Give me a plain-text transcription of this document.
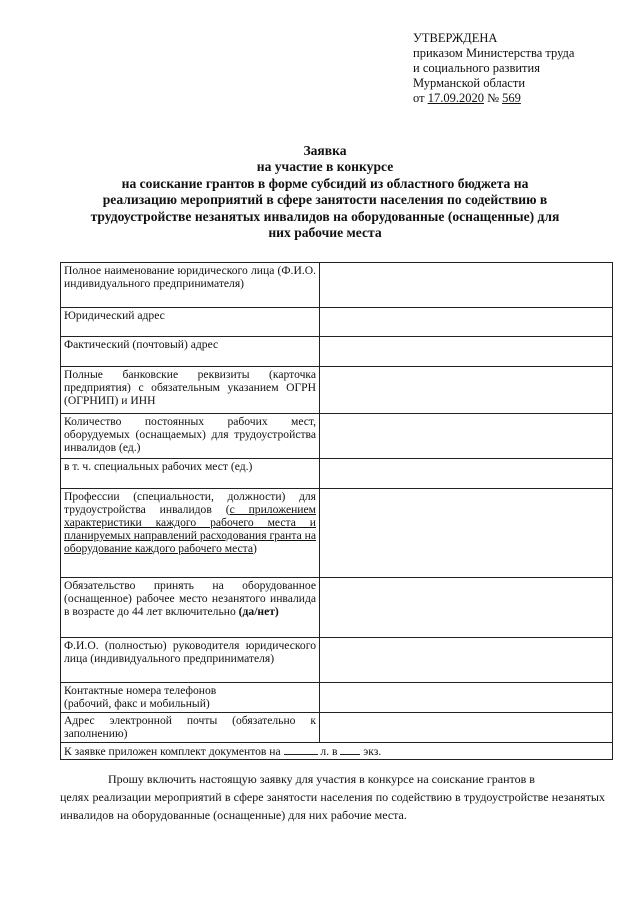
УТВЕРЖДЕНА
приказом Министерства труда
и социального развития
Мурманской области
от 17.09.2020 № 569
Заявка
на участие в конкурсе
на соискание грантов в форме субсидий из областного бюджета на
реализацию мероприятий в сфере занятости населения по содействию в
трудоустройстве незанятых инвалидов на оборудованные (оснащенные) для
них рабочие места
Полное наименование юридического лица (Ф.И.О. индивидуального предпринимателя)	
Юридический адрес	
Фактический (почтовый) адрес	
Полные банковские реквизиты (карточка предприятия) с обязательным указанием ОГРН (ОГРНИП) и ИНН	
Количество постоянных рабочих мест, оборудуемых (оснащаемых) для трудоустройства инвалидов (ед.)	
в т. ч. специальных рабочих мест (ед.)	
Профессии (специальности, должности) для трудоустройства инвалидов (с приложением характеристики каждого рабочего места и планируемых направлений расходования гранта на оборудование каждого рабочего места)	
Обязательство принять на оборудованное (оснащенное) рабочее место незанятого инвалида в возрасте до 44 лет включительно (да/нет)	
Ф.И.О. (полностью) руководителя юридического лица (индивидуального предпринимателя)	

Контактные номера телефонов
(рабочий, факс и мобильный)	

Адрес электронной почты (обязательно к заполнению)	
К заявке приложен комплект документов на л. в  экз.	
Прошу включить настоящую заявку для участия в конкурсе на соискание грантов в
целях реализации мероприятий в сфере занятости населения по содействию в трудоустройстве незанятых инвалидов на оборудованные (оснащенные) для них рабочие места.
